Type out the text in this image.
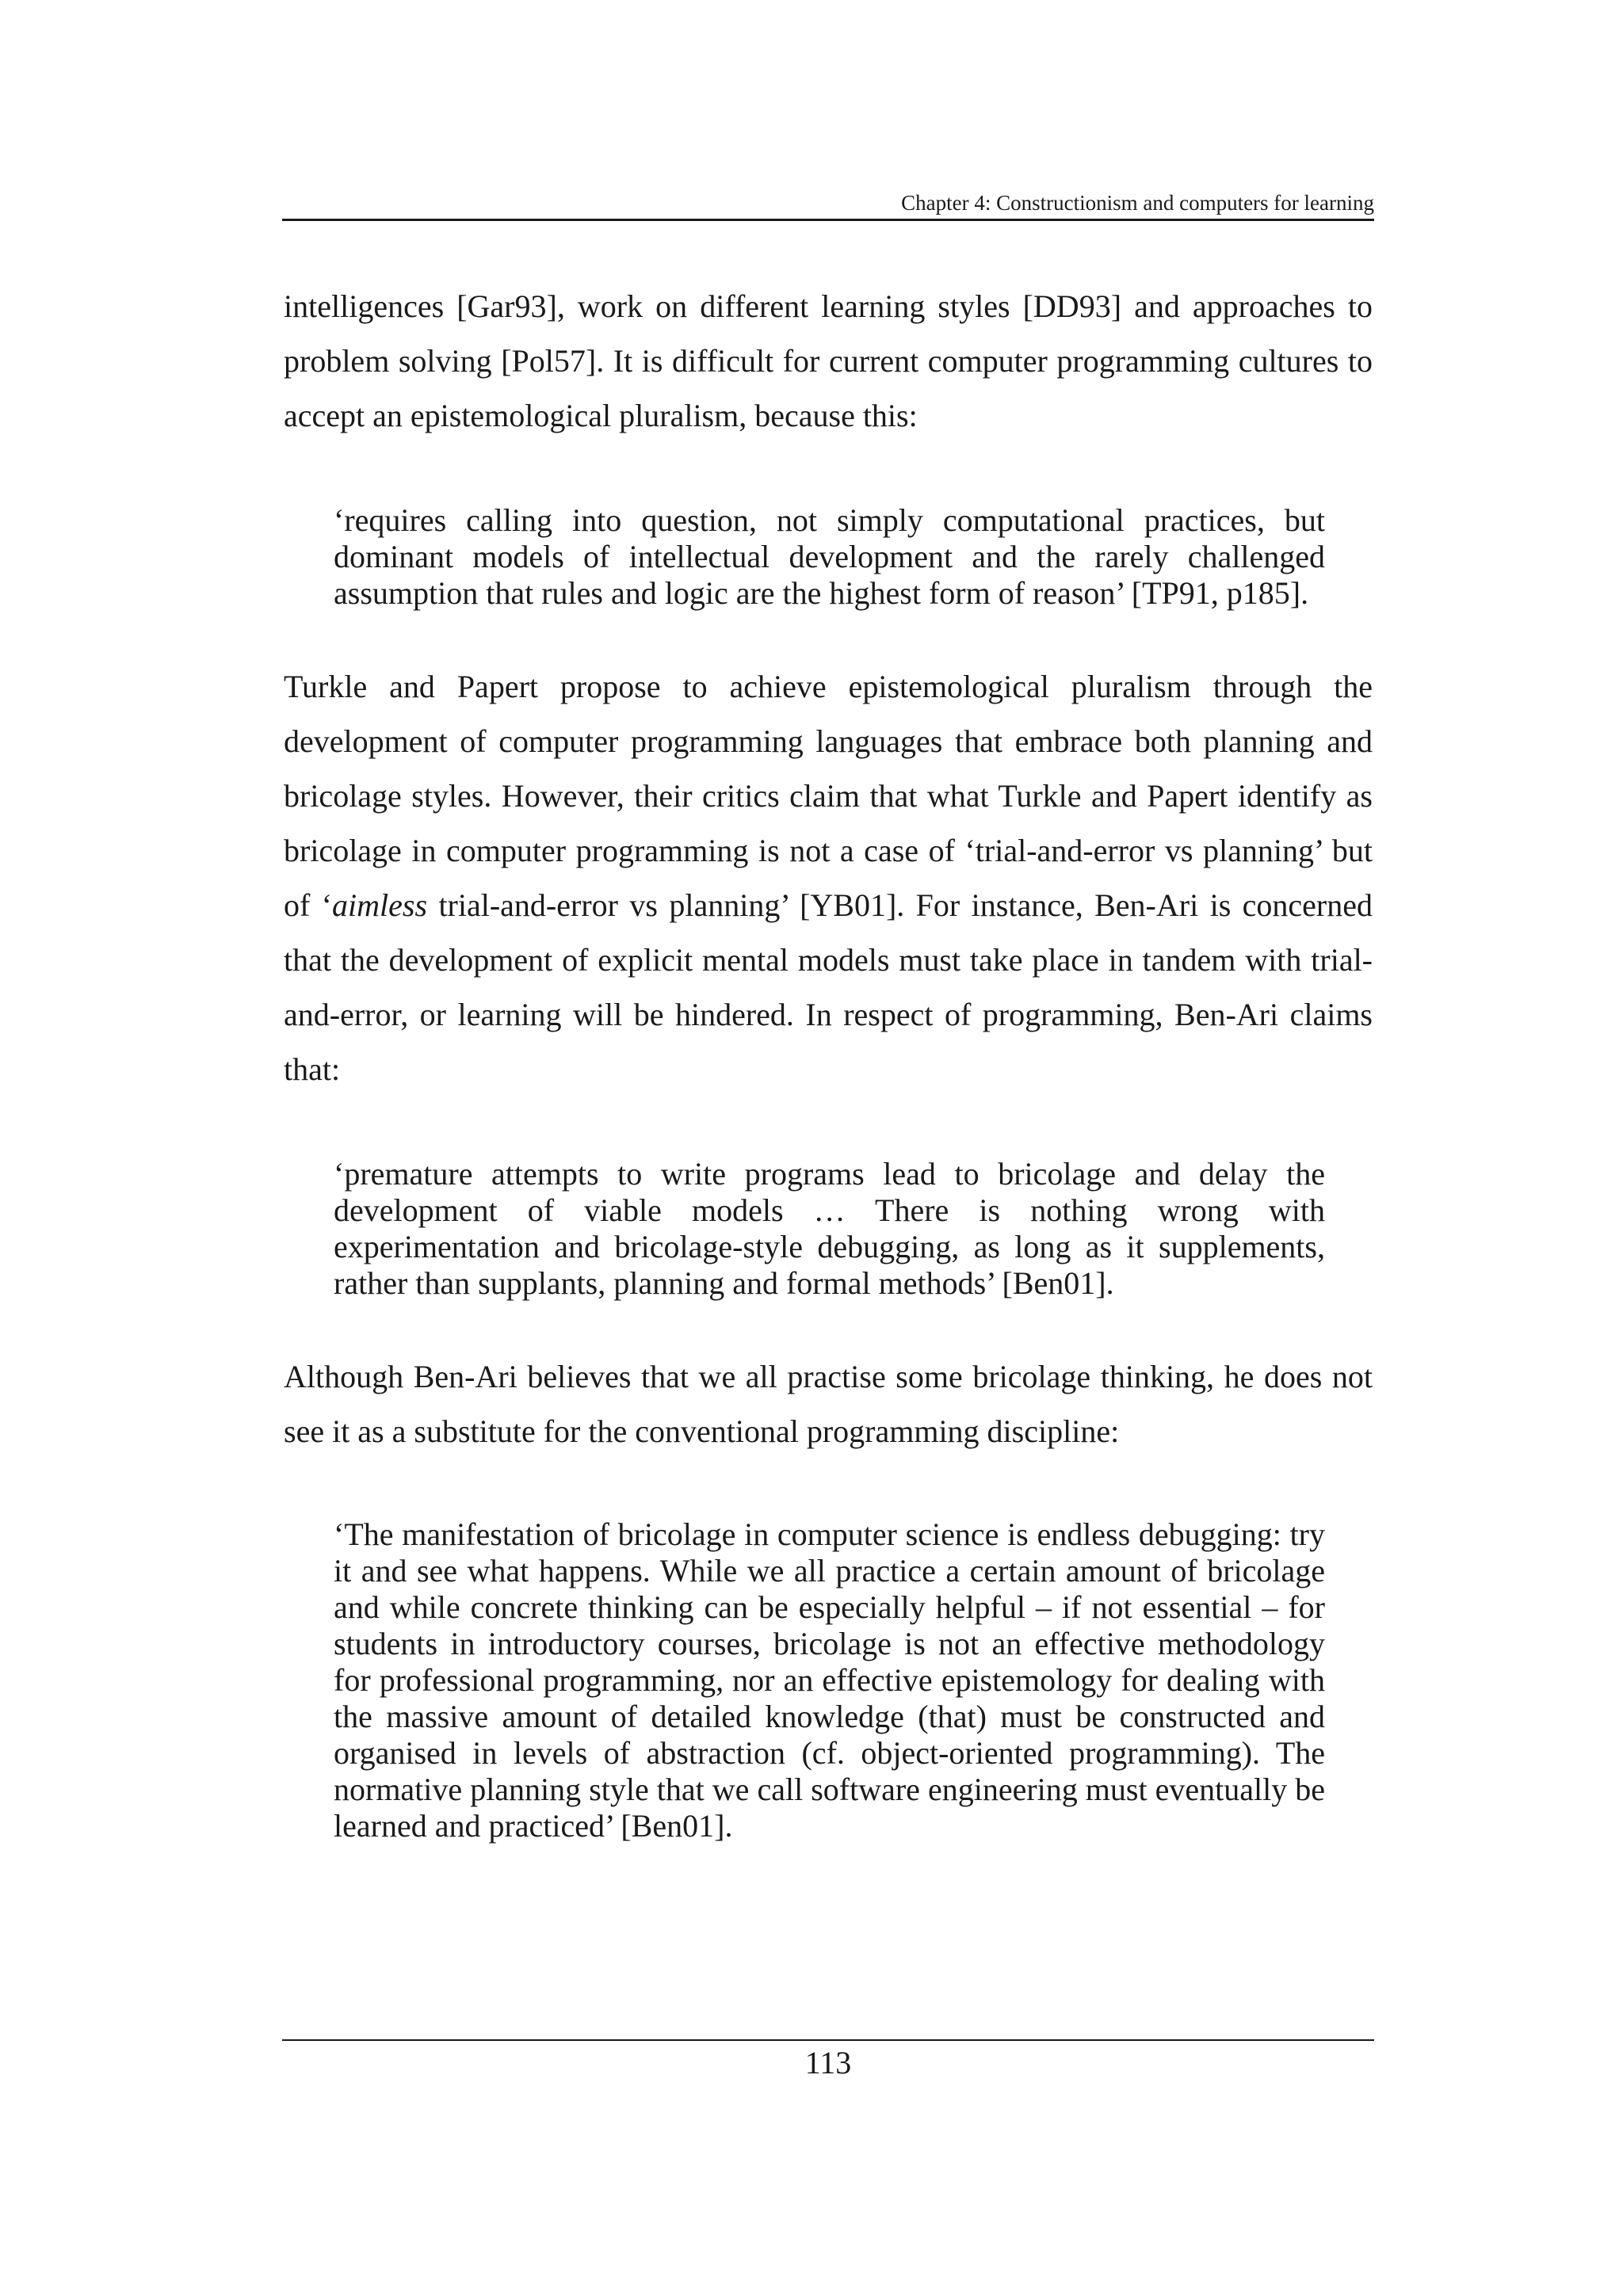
Chapter 4: Constructionism and computers for learning

intelligences [Gar93], work on different learning styles [DD93] and approaches to problem solving [Pol57]. It is difficult for current computer programming cultures to accept an epistemological pluralism, because this:

‘requires calling into question, not simply computational practices, but dominant models of intellectual development and the rarely challenged assumption that rules and logic are the highest form of reason’ [TP91, p185].

Turkle and Papert propose to achieve epistemological pluralism through the development of computer programming languages that embrace both planning and bricolage styles. However, their critics claim that what Turkle and Papert identify as bricolage in computer programming is not a case of ‘trial-and-error vs planning’ but of ‘aimless trial-and-error vs planning’ [YB01]. For instance, Ben-Ari is concerned that the development of explicit mental models must take place in tandem with trial-and-error, or learning will be hindered. In respect of programming, Ben-Ari claims that:

‘premature attempts to write programs lead to bricolage and delay the development of viable models … There is nothing wrong with experimentation and bricolage-style debugging, as long as it supplements, rather than supplants, planning and formal methods’ [Ben01].

Although Ben-Ari believes that we all practise some bricolage thinking, he does not see it as a substitute for the conventional programming discipline:

‘The manifestation of bricolage in computer science is endless debugging: try it and see what happens. While we all practice a certain amount of bricolage and while concrete thinking can be especially helpful – if not essential – for students in introductory courses, bricolage is not an effective methodology for professional programming, nor an effective epistemology for dealing with the massive amount of detailed knowledge (that) must be constructed and organised in levels of abstraction (cf. object-oriented programming). The normative planning style that we call software engineering must eventually be learned and practiced’ [Ben01].

113
